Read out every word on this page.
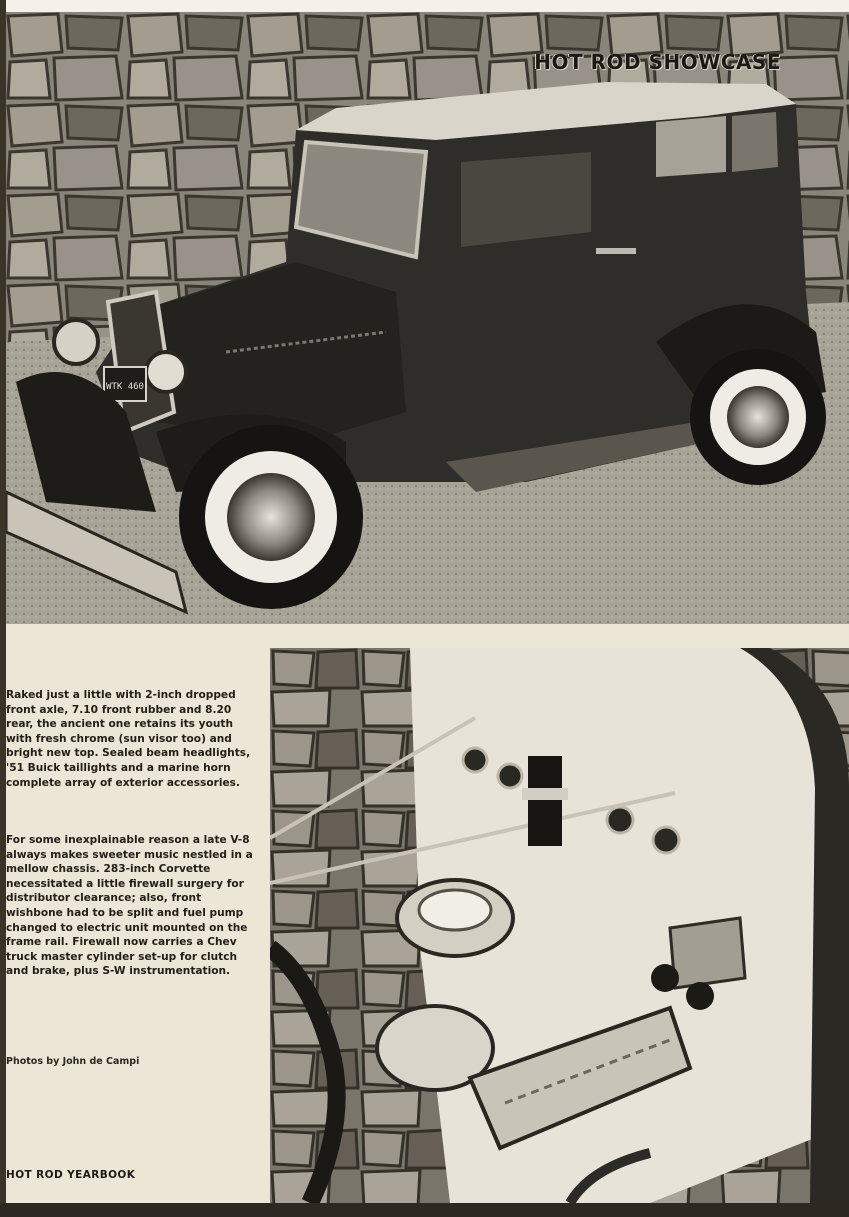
WTK 460
HOT ROD SHOWCASE

Raked just a little with 2-inch dropped front axle, 7.10 front rubber and 8.20 rear, the ancient one retains its youth with fresh chrome (sun visor too) and bright new top. Sealed beam headlights, '51 Buick taillights and a marine horn complete array of exterior accessories.

For some inexplainable reason a late V-8 always makes sweeter music nestled in a mellow chassis. 283-inch Corvette necessitated a little firewall surgery for distributor clearance; also, front wishbone had to be split and fuel pump changed to electric unit mounted on the frame rail. Firewall now carries a Chev truck master cylinder set-up for clutch and brake, plus S-W instrumentation.

Photos by John de Campi
HOT ROD YEARBOOK
